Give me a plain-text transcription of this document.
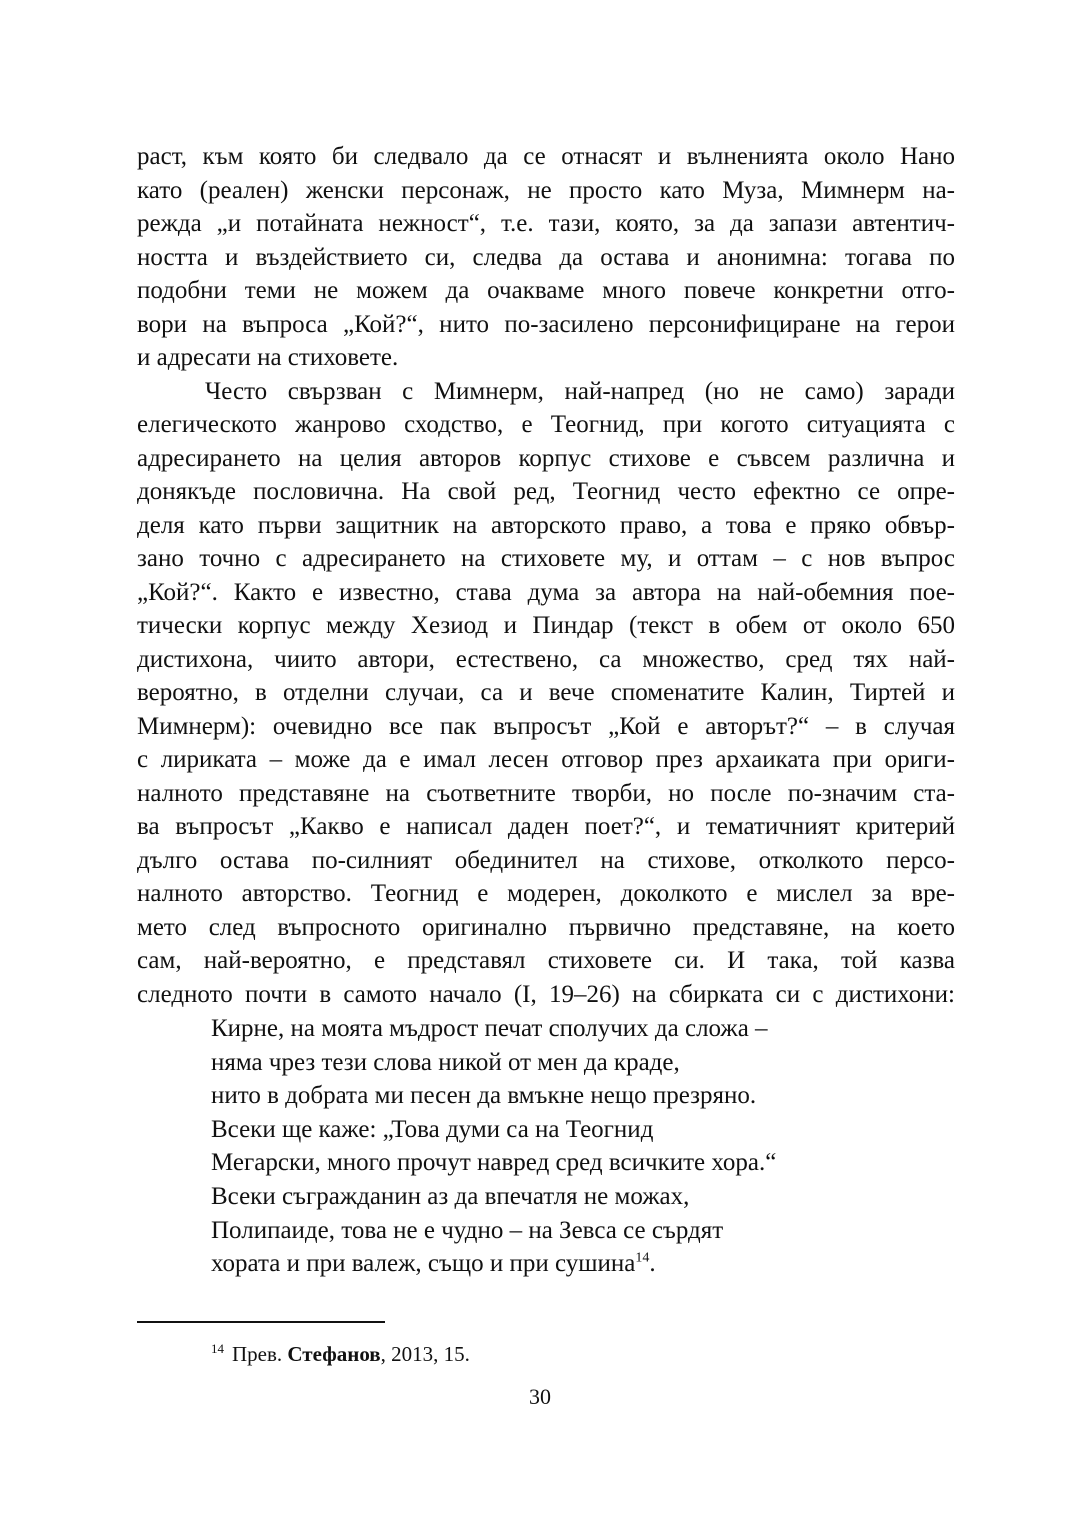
раст, към която би следвало да се отнасят и вълненията около Нано
като (реален) женски персонаж, не просто като Муза, Мимнерм на-
режда „и потайната нежност“, т.е. тази, която, за да запази автентич-
ността и въздействието си, следва да остава и анонимна: тогава по
подобни теми не можем да очакваме много повече конкретни отго-
вори на въпроса „Кой?“, нито по-засилено персонифициране на герои
и адресати на стиховете.
Често свързван с Мимнерм, най-напред (но не само) заради
елегическото жанрово сходство, е Теогнид, при когото ситуацията с
адресирането на целия авторов корпус стихове е съвсем различна и
донякъде пословична. На свой ред, Теогнид често ефектно се опре-
деля като първи защитник на авторското право, а това е пряко обвър-
зано точно с адресирането на стиховете му, и оттам – с нов въпрос
„Кой?“. Както е известно, става дума за автора на най-обемния пое-
тически корпус между Хезиод и Пиндар (текст в обем от около 650
дистихона, чиито автори, естествено, са множество, сред тях най-
вероятно, в отделни случаи, са и вече споменатите Калин, Тиртей и
Мимнерм): очевидно все пак въпросът „Кой е авторът?“ – в случая
с лириката – може да е имал лесен отговор през архаиката при ориги-
налното представяне на съответните творби, но после по-значим ста-
ва въпросът „Какво е написал даден поет?“, и тематичният критерий
дълго остава по-силният обединител на стихове, отколкото персо-
налното авторство. Теогнид е модерен, доколкото е мислел за вре-
мето след въпросното оригинално първично представяне, на което
сам, най-вероятно, е представял стиховете си. И така, той казва
следното почти в самото начало (I, 19–26) на сбирката си с дистихони:
Кирне, на моята мъдрост печат сполучих да сложа –
няма чрез тези слова никой от мен да краде,
нито в добрата ми песен да вмъкне нещо презряно.
Всеки ще каже: „Това думи са на Теогнид
Мегарски, много прочут навред сред всичките хора.“
Всеки съгражданин аз да впечатля не можах,
Полипаиде, това не е чудно – на Зевса се сърдят
хората и при валеж, също и при сушина$^{14}$.
$^{14}$ Прев. Стефанов, 2013, 15.
30
